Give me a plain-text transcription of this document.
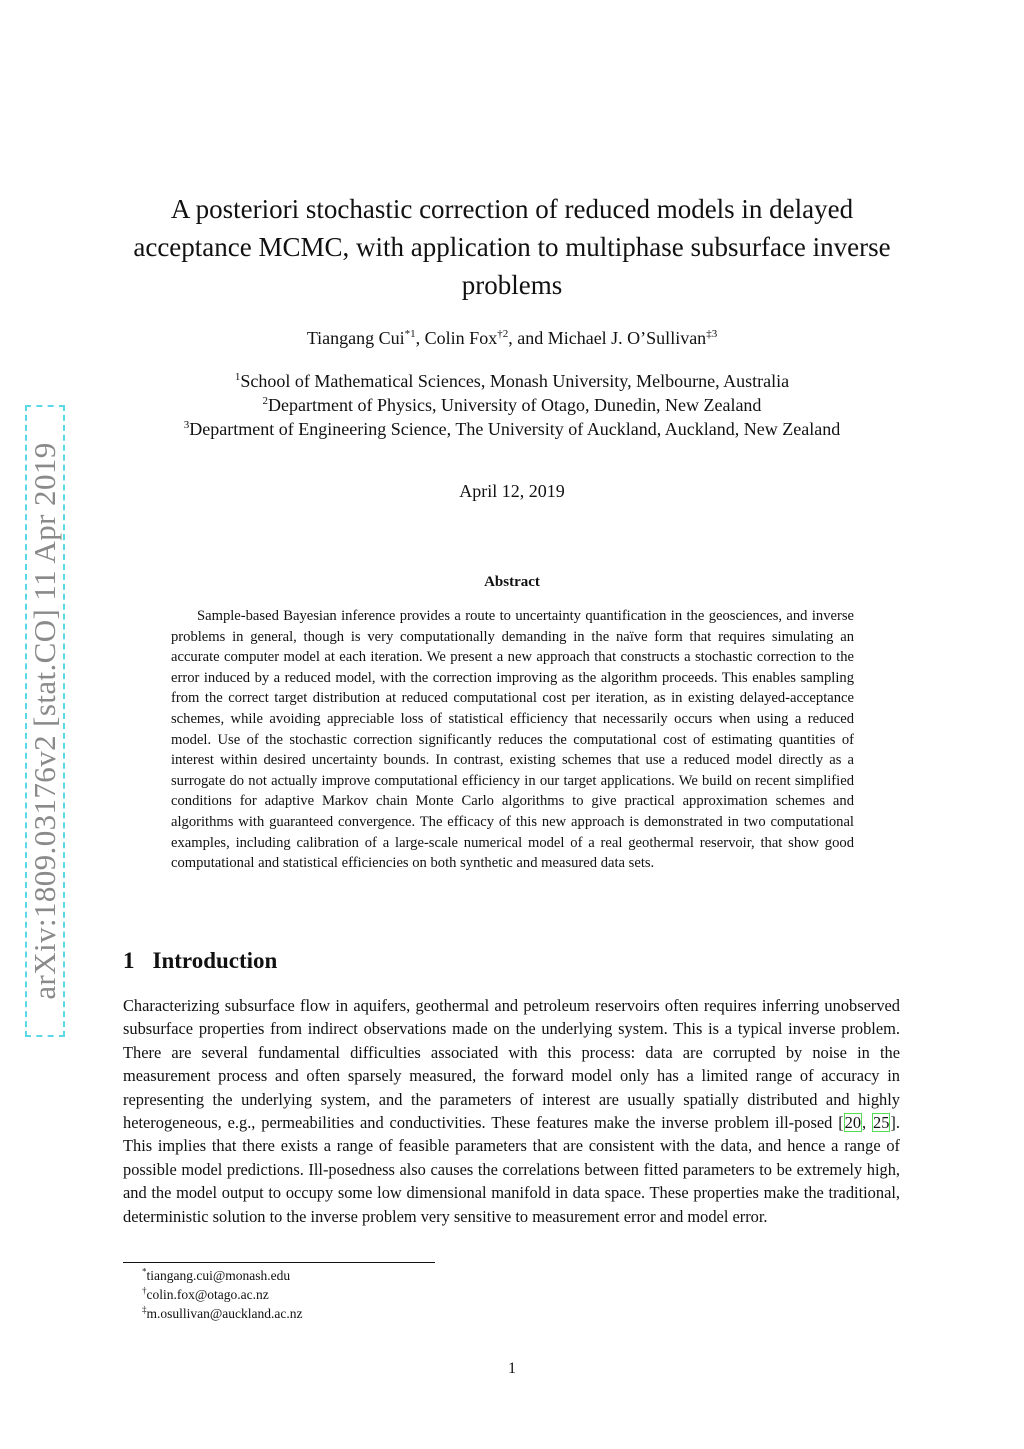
arXiv:1809.03176v2 [stat.CO] 11 Apr 2019
A posteriori stochastic correction of reduced models in delayed acceptance MCMC, with application to multiphase subsurface inverse problems
Tiangang Cui$^{*1}$, Colin Fox$^{\dagger 2}$, and Michael J. O’Sullivan$^{\ddagger 3}$
$^1$School of Mathematical Sciences, Monash University, Melbourne, Australia
$^2$Department of Physics, University of Otago, Dunedin, New Zealand
$^3$Department of Engineering Science, The University of Auckland, Auckland, New Zealand
April 12, 2019
Abstract

Sample-based Bayesian inference provides a route to uncertainty quantification in the geosciences, and inverse problems in general, though is very computationally demanding in the naïve form that requires simulating an accurate computer model at each iteration. We present a new approach that constructs a stochastic correction to the error induced by a reduced model, with the correction improving as the algorithm proceeds. This enables sampling from the correct target distribution at reduced computational cost per iteration, as in existing delayed-acceptance schemes, while avoiding appreciable loss of statistical efficiency that necessarily occurs when using a reduced model. Use of the stochastic correction significantly reduces the computational cost of estimating quantities of interest within desired uncertainty bounds. In contrast, existing schemes that use a reduced model directly as a surrogate do not actually improve computational efficiency in our target applications. We build on recent simplified conditions for adaptive Markov chain Monte Carlo algorithms to give practical approximation schemes and algorithms with guaranteed convergence. The efficacy of this new approach is demonstrated in two computational examples, including calibration of a large-scale numerical model of a real geothermal reservoir, that show good computational and statistical efficiencies on both synthetic and measured data sets.

1 Introduction

Characterizing subsurface flow in aquifers, geothermal and petroleum reservoirs often requires inferring unobserved subsurface properties from indirect observations made on the underlying system. This is a typical inverse problem. There are several fundamental difficulties associated with this process: data are corrupted by noise in the measurement process and often sparsely measured, the forward model only has a limited range of accuracy in representing the underlying system, and the parameters of interest are usually spatially distributed and highly heterogeneous, e.g., permeabilities and conductivities. These features make the inverse problem ill-posed [20, 25]. This implies that there exists a range of feasible parameters that are consistent with the data, and hence a range of possible model predictions. Ill-posedness also causes the correlations between fitted parameters to be extremely high, and the model output to occupy some low dimensional manifold in data space. These properties make the traditional, deterministic solution to the inverse problem very sensitive to measurement error and model error.

*tiangang.cui@monash.edu
†colin.fox@otago.ac.nz
‡m.osullivan@auckland.ac.nz
1
